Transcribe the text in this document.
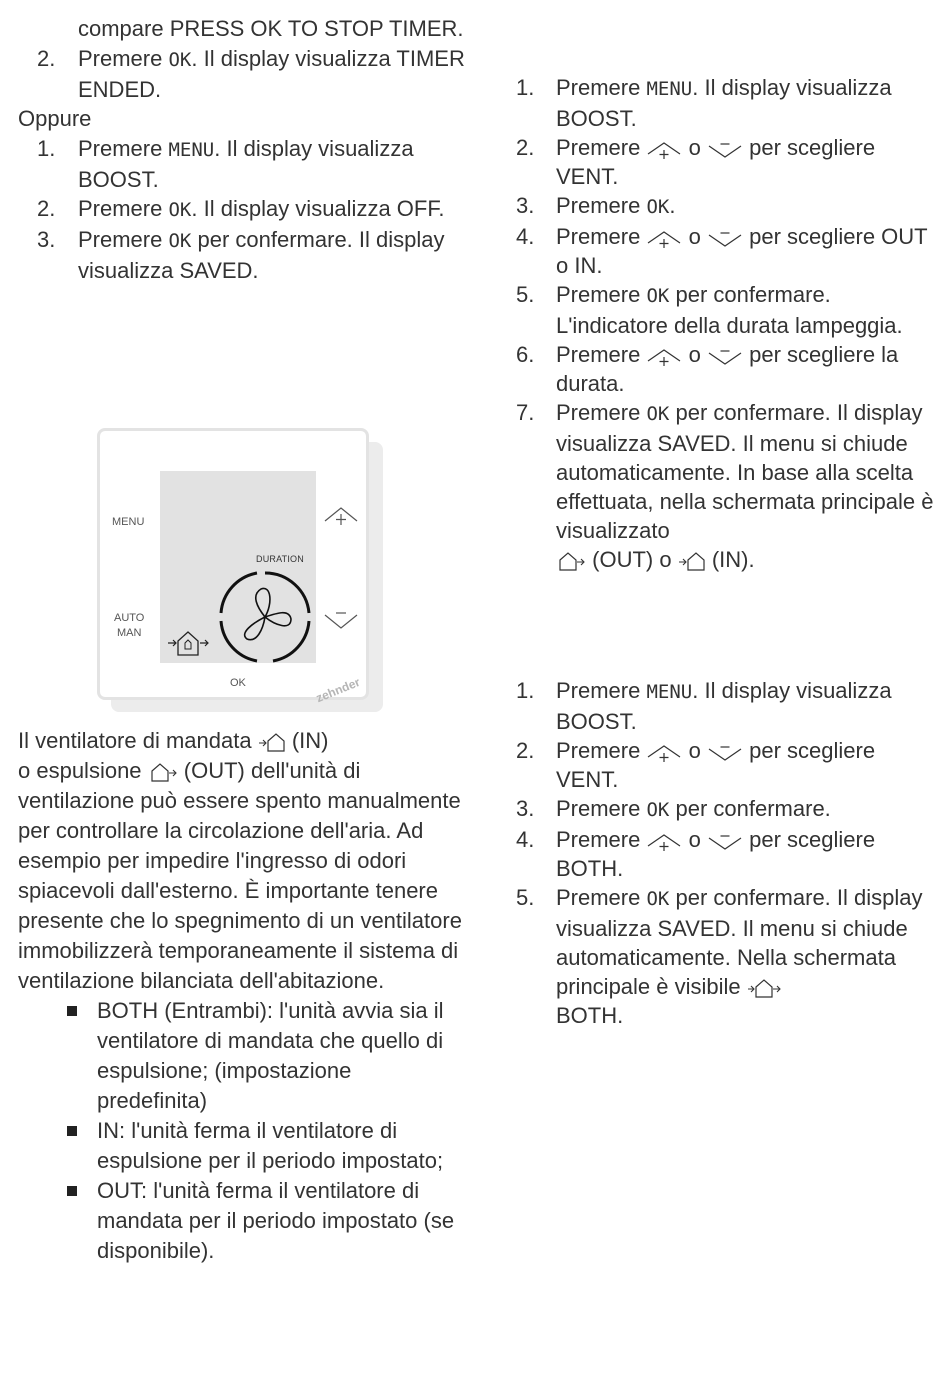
compare PRESS OK TO STOP TIMER.
2. Premere OK. Il display visualizza TIMER ENDED.
Oppure
1. Premere MENU. Il display visualizza BOOST.
2. Premere OK. Il display visualizza OFF.
3. Premere OK per confermare. Il display visualizza SAVED.
MENU
AUTO
MAN
DURATION
OK	zehnder
Il ventilatore di mandata (IN)
o espulsione (OUT) dell'unità di ventilazione può essere spento manualmente per controllare la circolazione dell'aria. Ad esempio per impedire l'ingresso di odori spiacevoli dall'esterno. È importante tenere presente che lo spegnimento di un ventilatore immobilizzerà temporaneamente il sistema di ventilazione bilanciata dell'abitazione.
BOTH (Entrambi): l'unità avvia sia il ventilatore di mandata che quello di espulsione; (impostazione predefinita)
IN: l'unità ferma il ventilatore di espulsione per il periodo impostato;
OUT: l'unità ferma il ventilatore di mandata per il periodo impostato (se disponibile).
1. Premere MENU. Il display visualizza BOOST.
2. Premere o per scegliere VENT.
3. Premere OK.
4. Premere o per scegliere OUT o IN.
5. Premere OK per confermare. L'indicatore della durata lampeggia.
6. Premere o per scegliere la durata.
7. Premere OK per confermare. Il display visualizza SAVED. Il menu si chiude automaticamente. In base alla scelta effettuata, nella schermata principale è visualizzato

(OUT) o (IN).
1. Premere MENU. Il display visualizza BOOST.
2. Premere o per scegliere VENT.
3. Premere OK per confermare.
4. Premere o per scegliere BOTH.
5. Premere OK per confermare. Il display visualizza SAVED. Il menu si chiude automaticamente. Nella schermata principale è visibile

BOTH.
